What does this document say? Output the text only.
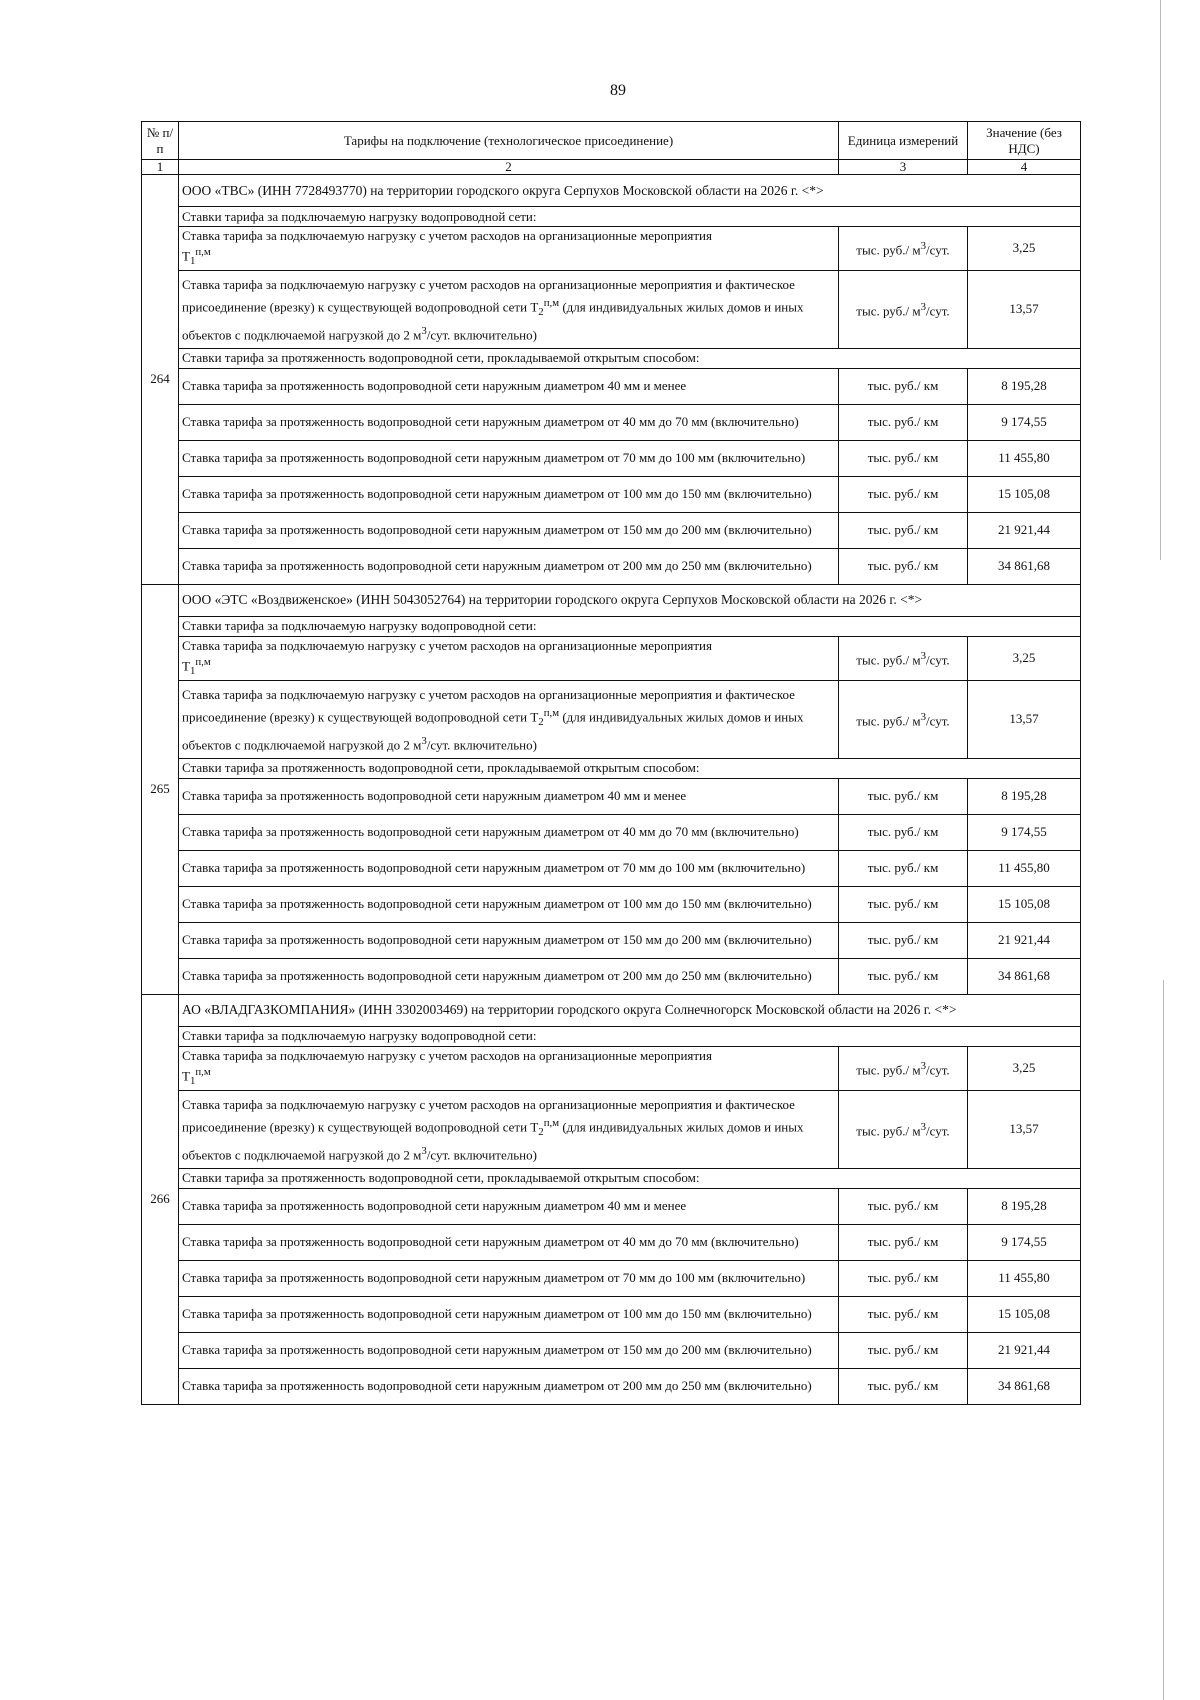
89
№ п/п	Тарифы на подключение (технологическое присоединение)	Единица измерений	Значение (без НДС)
1	2	3	4
264	ООО «ТВС» (ИНН 7728493770) на территории городского округа Серпухов Московской области на 2026 г. <*>		
	Ставки тарифа за подключаемую нагрузку водопроводной сети:		
	Ставка тарифа за подключаемую нагрузку с учетом расходов на организационные мероприятия
$T_1^{п,м}$	тыс. руб./ $м^3$/сут.	3,25
	Ставка тарифа за подключаемую нагрузку с учетом расходов на организационные мероприятия и фактическое присоединение (врезку) к существующей водопроводной сети $T_2^{п,м}$ (для индивидуальных жилых домов и иных объектов с подключаемой нагрузкой до 2 $м^3$/сут. включительно)	тыс. руб./ $м^3$/сут.	13,57
	Ставки тарифа за протяженность водопроводной сети, прокладываемой открытым способом:		
	Ставка тарифа за протяженность водопроводной сети наружным диаметром 40 мм и менее	тыс. руб./ км	8 195,28
	Ставка тарифа за протяженность водопроводной сети наружным диаметром от 40 мм до 70 мм (включительно)	тыс. руб./ км	9 174,55
	Ставка тарифа за протяженность водопроводной сети наружным диаметром от 70 мм до 100 мм (включительно)	тыс. руб./ км	11 455,80
	Ставка тарифа за протяженность водопроводной сети наружным диаметром от 100 мм до 150 мм (включительно)	тыс. руб./ км	15 105,08
	Ставка тарифа за протяженность водопроводной сети наружным диаметром от 150 мм до 200 мм (включительно)	тыс. руб./ км	21 921,44
	Ставка тарифа за протяженность водопроводной сети наружным диаметром от 200 мм до 250 мм (включительно)	тыс. руб./ км	34 861,68
265	ООО «ЭТС «Воздвиженское» (ИНН 5043052764) на территории городского округа Серпухов Московской области на 2026 г. <*>		
	Ставки тарифа за подключаемую нагрузку водопроводной сети:		
	Ставка тарифа за подключаемую нагрузку с учетом расходов на организационные мероприятия
$T_1^{п,м}$	тыс. руб./ $м^3$/сут.	3,25
	Ставка тарифа за подключаемую нагрузку с учетом расходов на организационные мероприятия и фактическое присоединение (врезку) к существующей водопроводной сети $T_2^{п,м}$ (для индивидуальных жилых домов и иных объектов с подключаемой нагрузкой до 2 $м^3$/сут. включительно)	тыс. руб./ $м^3$/сут.	13,57
	Ставки тарифа за протяженность водопроводной сети, прокладываемой открытым способом:		
	Ставка тарифа за протяженность водопроводной сети наружным диаметром 40 мм и менее	тыс. руб./ км	8 195,28
	Ставка тарифа за протяженность водопроводной сети наружным диаметром от 40 мм до 70 мм (включительно)	тыс. руб./ км	9 174,55
	Ставка тарифа за протяженность водопроводной сети наружным диаметром от 70 мм до 100 мм (включительно)	тыс. руб./ км	11 455,80
	Ставка тарифа за протяженность водопроводной сети наружным диаметром от 100 мм до 150 мм (включительно)	тыс. руб./ км	15 105,08
	Ставка тарифа за протяженность водопроводной сети наружным диаметром от 150 мм до 200 мм (включительно)	тыс. руб./ км	21 921,44
	Ставка тарифа за протяженность водопроводной сети наружным диаметром от 200 мм до 250 мм (включительно)	тыс. руб./ км	34 861,68
266	АО «ВЛАДГАЗКОМПАНИЯ» (ИНН 3302003469) на территории городского округа Солнечногорск Московской области на 2026 г. <*>		
	Ставки тарифа за подключаемую нагрузку водопроводной сети:		
	Ставка тарифа за подключаемую нагрузку с учетом расходов на организационные мероприятия
$T_1^{п,м}$	тыс. руб./ $м^3$/сут.	3,25
	Ставка тарифа за подключаемую нагрузку с учетом расходов на организационные мероприятия и фактическое присоединение (врезку) к существующей водопроводной сети $T_2^{п,м}$ (для индивидуальных жилых домов и иных объектов с подключаемой нагрузкой до 2 $м^3$/сут. включительно)	тыс. руб./ $м^3$/сут.	13,57
	Ставки тарифа за протяженность водопроводной сети, прокладываемой открытым способом:		
	Ставка тарифа за протяженность водопроводной сети наружным диаметром 40 мм и менее	тыс. руб./ км	8 195,28
	Ставка тарифа за протяженность водопроводной сети наружным диаметром от 40 мм до 70 мм (включительно)	тыс. руб./ км	9 174,55
	Ставка тарифа за протяженность водопроводной сети наружным диаметром от 70 мм до 100 мм (включительно)	тыс. руб./ км	11 455,80
	Ставка тарифа за протяженность водопроводной сети наружным диаметром от 100 мм до 150 мм (включительно)	тыс. руб./ км	15 105,08
	Ставка тарифа за протяженность водопроводной сети наружным диаметром от 150 мм до 200 мм (включительно)	тыс. руб./ км	21 921,44
	Ставка тарифа за протяженность водопроводной сети наружным диаметром от 200 мм до 250 мм (включительно)	тыс. руб./ км	34 861,68
